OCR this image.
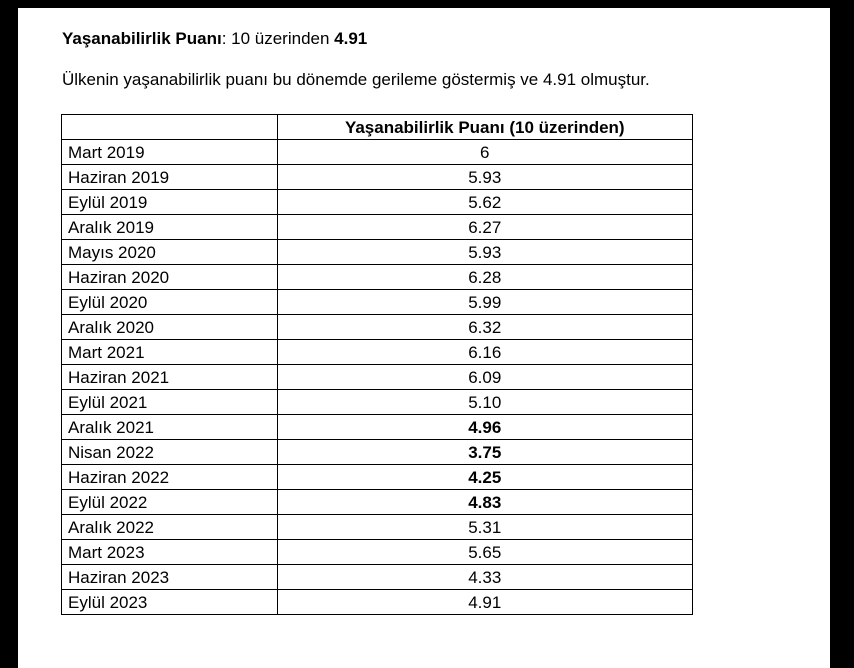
Yaşanabilirlik Puanı: 10 üzerinden 4.91
Ülkenin yaşanabilirlik puanı bu dönemde gerileme göstermiş ve 4.91 olmuştur.
	Yaşanabilirlik Puanı (10 üzerinden)
Mart 2019	6
Haziran 2019	5.93
Eylül 2019	5.62
Aralık 2019	6.27
Mayıs 2020	5.93
Haziran 2020	6.28
Eylül 2020	5.99
Aralık 2020	6.32
Mart 2021	6.16
Haziran 2021	6.09
Eylül 2021	5.10
Aralık 2021	4.96
Nisan 2022	3.75
Haziran 2022	4.25
Eylül 2022	4.83
Aralık 2022	5.31
Mart 2023	5.65
Haziran 2023	4.33
Eylül 2023	4.91
